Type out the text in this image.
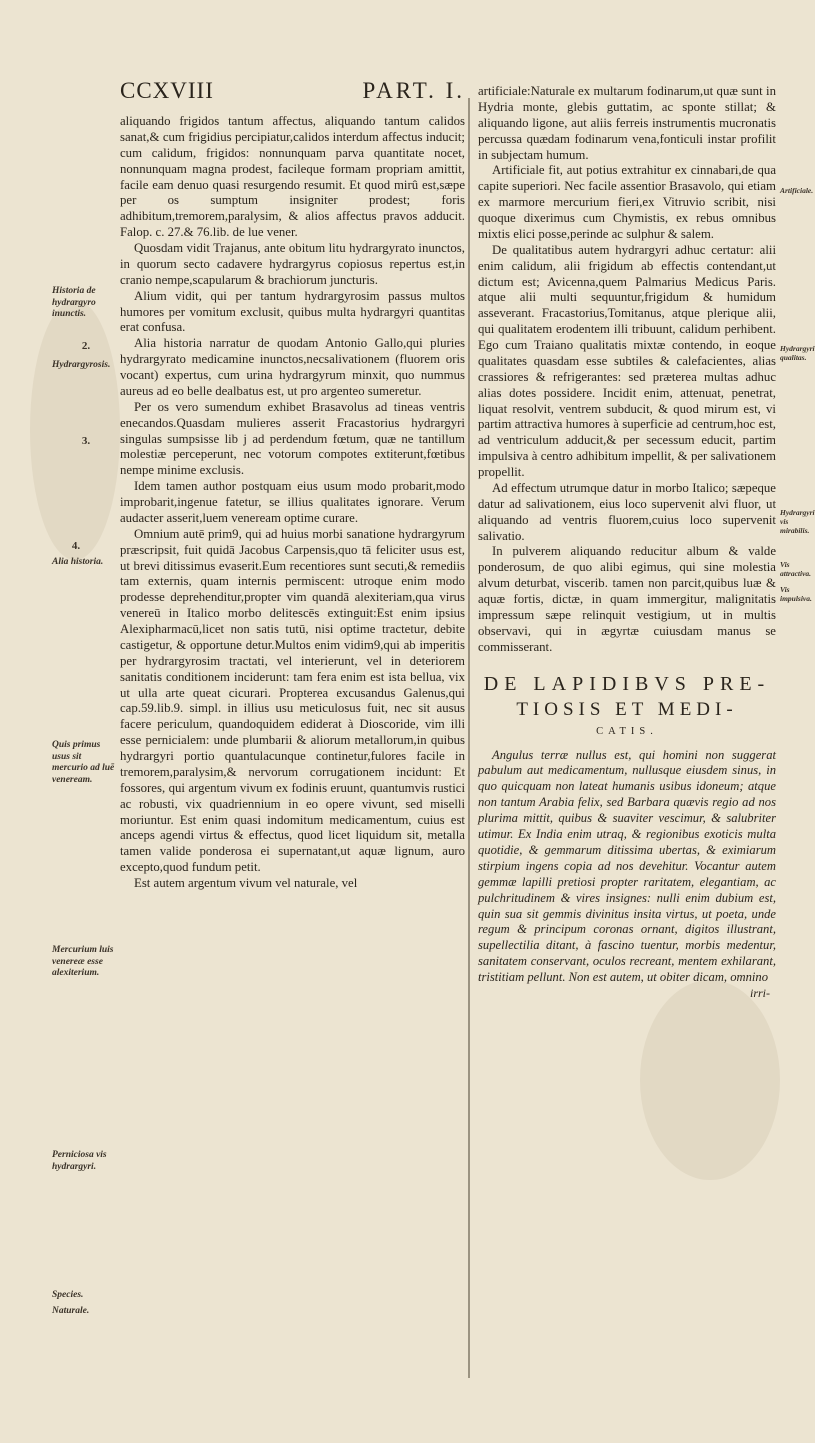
CCXVIII	PART. I.
Historia de hydrargyro inunctis.
2.
Hydrargyrosis.
3.
4.
Alia historia.
Quis primus usus sit mercurio ad luē veneream.
Mercurium luis venereæ esse alexiterium.
Perniciosa vis hydrargyri.
Species.
Naturale.

aliquando frigidos tantum affectus, aliquando tantum calidos sanat,& cum frigidius percipiatur,calidos interdum affectus inducit; cum calidum, frigidos: nonnunquam parva quantitate nocet, nonnunquam magna prodest, facileque formam propriam amittit, facile eam denuo quasi resurgendo resumit. Et quod mirû est,sæpe per os sumptum insigniter prodest; foris adhibitum,tremorem,paralysim, & alios affectus pravos adducit. Falop. c. 27.& 76.lib. de lue vener.

Quosdam vidit Trajanus, ante obitum litu hydrargyrato inunctos, in quorum secto cadavere hydrargyrus copiosus repertus est,in cranio nempe,scapularum & brachiorum juncturis.

Alium vidit, qui per tantum hydrargyrosim passus multos humores per vomitum exclusit, quibus multa hydrargyri quantitas erat confusa.

Alia historia narratur de quodam Antonio Gallo,qui pluries hydrargyrato medicamine inunctos,necsalivationem (fluorem oris vocant) expertus, cum urina hydrargyrum minxit, quo nummus aureus ad eo belle dealbatus est, ut pro argenteo sumeretur.

Per os vero sumendum exhibet Brasavolus ad tineas ventris enecandos.Quasdam mulieres asserit Fracastorius hydrargyri singulas sumpsisse lib j ad perdendum fœtum, quæ ne tantillum molestiæ perceperunt, nec votorum compotes extiterunt,fœtibus nempe minime exclusis.

Idem tamen author postquam eius usum modo probarit,modo improbarit,ingenue fatetur, se illius qualitates ignorare. Verum audacter asserit,luem veneream optime curare.

Omnium autē prim9, qui ad huius morbi sanatione hydrargyrum præscripsit, fuit quidā Jacobus Carpensis,quo tā feliciter usus est, ut brevi ditissimus evaserit.Eum recentiores sunt secuti,& remediis tam externis, quam internis permiscent: utroque enim modo prodesse deprehenditur,propter vim quandā alexiteriam,qua virus venereū in Italico morbo delitescēs extinguit:Est enim ipsius Alexipharmacū,licet non satis tutū, nisi optime tractetur, debite castigetur, & opportune detur.Multos enim vidim9,qui ab imperitis per hydrargyrosim tractati, vel interierunt, vel in deteriorem sanitatis conditionem inciderunt: tam fera enim est ista bellua, vix ut ulla arte queat cicurari. Propterea excusandus Galenus,qui cap.59.lib.9. simpl. in illius usu meticulosus fuit, nec sit ausus facere periculum, quandoquidem ediderat à Dioscoride, vim illi esse pernicialem: unde plumbarii & aliorum metallorum,in quibus hydrargyri portio quantulacunque continetur,fulores facile in tremorem,paralysim,& nervorum corrugationem incidunt: Et fossores, qui argentum vivum ex fodinis eruunt, quantumvis rustici ac robusti, vix quadriennium in eo opere vivunt, sed miselli moriuntur. Est enim quasi indomitum medicamentum, cuius est anceps agendi virtus & effectus, quod licet liquidum sit, metalla tamen valide ponderosa ei supernatant,ut aquæ lignum, auro excepto,quod fundum petit.

Est autem argentum vivum vel naturale, vel

Artificiale.
Hydrargyri qualitas.
Hydrargyri vis mirabilis.
Vis attractiva.
Vis impulsiva.

artificiale:Naturale ex multarum fodinarum,ut quæ sunt in Hydria monte, glebis guttatim, ac sponte stillat; & aliquando ligone, aut aliis ferreis instrumentis mucronatis percussa quædam fodinarum vena,fonticuli instar profilit in subjectam humum.

Artificiale fit, aut potius extrahitur ex cinnabari,de qua capite superiori. Nec facile assentior Brasavolo, qui etiam ex marmore mercurium fieri,ex Vitruvio scribit, nisi quoque dixerimus cum Chymistis, ex rebus omnibus mixtis elici posse,perinde ac sulphur & salem.

De qualitatibus autem hydrargyri adhuc certatur: alii enim calidum, alii frigidum ab effectis contendant,ut dictum est; Avicenna,quem Palmarius Medicus Paris. atque alii multi sequuntur,frigidum & humidum asseverant. Fracastorius,Tomitanus, atque plerique alii, qui qualitatem erodentem illi tribuunt, calidum perhibent. Ego cum Traiano qualitatis mixtæ contendo, in eoque qualitates quasdam esse subtiles & calefacientes, alias crassiores & refrigerantes: sed præterea multas adhuc alias dotes possidere. Incidit enim, attenuat, penetrat, liquat resolvit, ventrem subducit, & quod mirum est, vi partim attractiva humores à superficie ad centrum,hoc est, ad ventriculum adducit,& per secessum educit, partim impulsiva à centro adhibitum impellit, & per salivationem propellit.

Ad effectum utrumque datur in morbo Italico; sæpeque datur ad salivationem, eius loco supervenit alvi fluor, ut aliquando ad ventris fluorem,cuius loco supervenit salivatio.

In pulverem aliquando reducitur album & valde ponderosum, de quo alibi egimus, qui sine molestia alvum deturbat, viscerib. tamen non parcit,quibus luæ & aquæ fortis, dictæ, in quam immergitur, malignitatis impressum sæpe relinquit vestigium, ut in multis observavi, qui in ægyrtæ cuiusdam manus se commisserant.

DE LAPIDIBVS PRE-
TIOSIS ET MEDI-
CATIS.

Angulus terræ nullus est, qui homini non suggerat pabulum aut medicamentum, nullusque eiusdem sinus, in quo quicquam non lateat humanis usibus idoneum; atque non tantum Arabia felix, sed Barbara quævis regio ad nos plurima mittit, quibus & suaviter vescimur, & salubriter utimur. Ex India enim utraq, & regionibus exoticis multa quotidie, & gemmarum ditissima ubertas, & eximiarum stirpium ingens copia ad nos devehitur. Vocantur autem gemmæ lapilli pretiosi propter raritatem, elegantiam, ac pulchritudinem & vires insignes: nulli enim dubium est, quin sua sit gemmis divinitus insita virtus, ut poeta, unde regum & principum coronas ornant, digitos illustrant, supellectilia ditant, à fascino tuentur, morbis medentur, sanitatem conservant, oculos recreant, mentem exhilarant, tristitiam pellunt. Non est autem, ut obiter dicam, omnino

irri-
